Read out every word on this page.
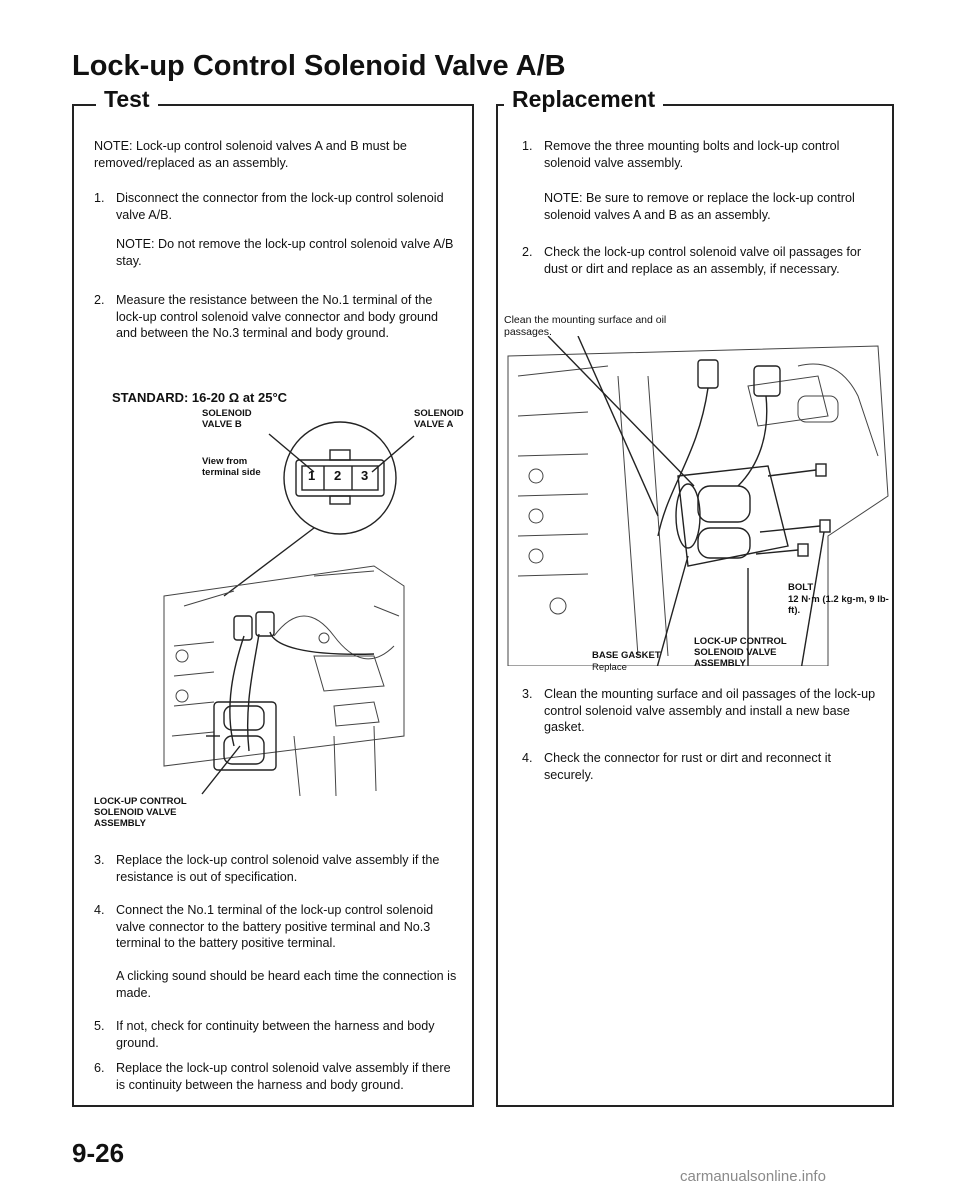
Lock-up Control Solenoid Valve A/B
Test

NOTE: Lock-up control solenoid valves A and B must be removed/replaced as an assembly.

1. Disconnect the connector from the lock-up control solenoid valve A/B.

NOTE: Do not remove the lock-up control solenoid valve A/B stay.

2. Measure the resistance between the No.1 terminal of the lock-up control solenoid valve connector and body ground and between the No.3 terminal and body ground.
STANDARD: 16-20 Ω at 25°C
SOLENOID VALVE B
SOLENOID VALVE A
View from terminal side	1 2 3
LOCK-UP CONTROL SOLENOID VALVE ASSEMBLY
3. Replace the lock-up control solenoid valve assembly if the resistance is out of specification.
4. Connect the No.1 terminal of the lock-up control solenoid valve connector to the battery positive terminal and No.3 terminal to the battery positive terminal.

A clicking sound should be heard each time the connection is made.

5. If not, check for continuity between the harness and body ground.
6. Replace the lock-up control solenoid valve assembly if there is continuity between the harness and body ground.
Replacement
1. Remove the three mounting bolts and lock-up control solenoid valve assembly.

NOTE: Be sure to remove or replace the lock-up control solenoid valves A and B as an assembly.

2. Check the lock-up control solenoid valve oil passages for dust or dirt and replace as an assembly, if necessary.
Clean the mounting surface and oil passages.
BOLT
12 N·m (1.2 kg-m, 9 lb-ft).
LOCK-UP CONTROL SOLENOID VALVE ASSEMBLY
BASE GASKET
Replace
3. Clean the mounting surface and oil passages of the lock-up control solenoid valve assembly and install a new base gasket.
4. Check the connector for rust or dirt and reconnect it securely.
9-26
carmanualsonline.info
